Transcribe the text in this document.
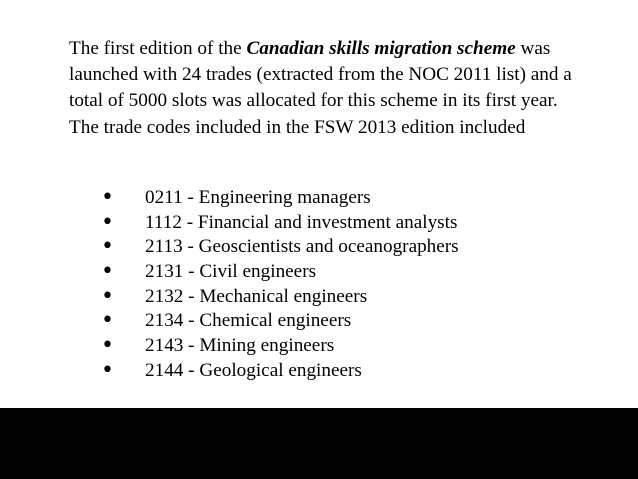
The first edition of the Canadian skills migration scheme was launched with 24 trades (extracted from the NOC 2011 list) and a total of 5000 slots was allocated for this scheme in its first year. The trade codes included in the FSW 2013 edition included
• 0211 - Engineering managers
• 1112 - Financial and investment analysts
• 2113 - Geoscientists and oceanographers
• 2131 - Civil engineers
• 2132 - Mechanical engineers
• 2134 - Chemical engineers
• 2143 - Mining engineers
• 2144 - Geological engineers
